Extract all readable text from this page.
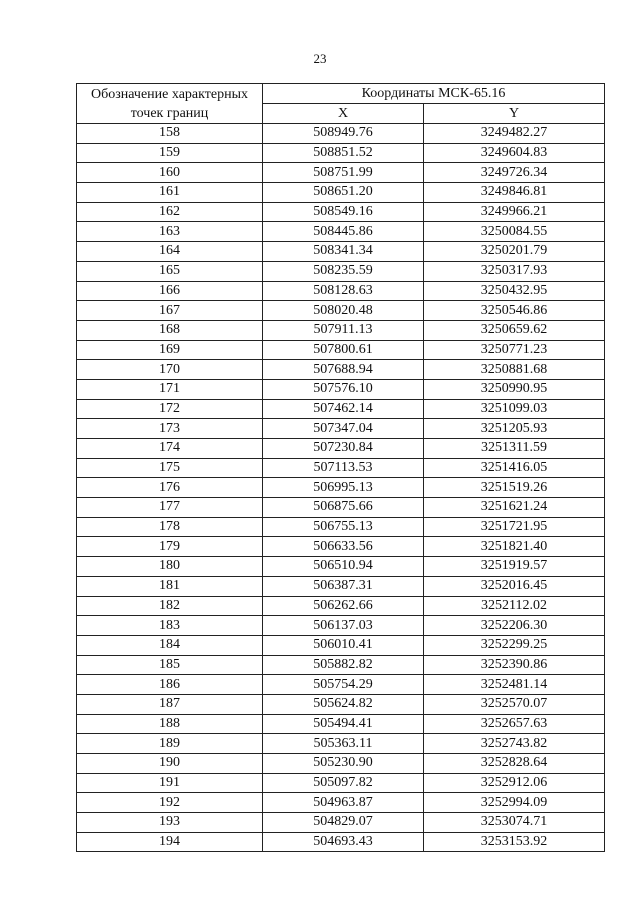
23
Обозначение характерных точек границ	Координаты МСК-65.16	
	X	Y
158	508949.76	3249482.27
159	508851.52	3249604.83
160	508751.99	3249726.34
161	508651.20	3249846.81
162	508549.16	3249966.21
163	508445.86	3250084.55
164	508341.34	3250201.79
165	508235.59	3250317.93
166	508128.63	3250432.95
167	508020.48	3250546.86
168	507911.13	3250659.62
169	507800.61	3250771.23
170	507688.94	3250881.68
171	507576.10	3250990.95
172	507462.14	3251099.03
173	507347.04	3251205.93
174	507230.84	3251311.59
175	507113.53	3251416.05
176	506995.13	3251519.26
177	506875.66	3251621.24
178	506755.13	3251721.95
179	506633.56	3251821.40
180	506510.94	3251919.57
181	506387.31	3252016.45
182	506262.66	3252112.02
183	506137.03	3252206.30
184	506010.41	3252299.25
185	505882.82	3252390.86
186	505754.29	3252481.14
187	505624.82	3252570.07
188	505494.41	3252657.63
189	505363.11	3252743.82
190	505230.90	3252828.64
191	505097.82	3252912.06
192	504963.87	3252994.09
193	504829.07	3253074.71
194	504693.43	3253153.92
